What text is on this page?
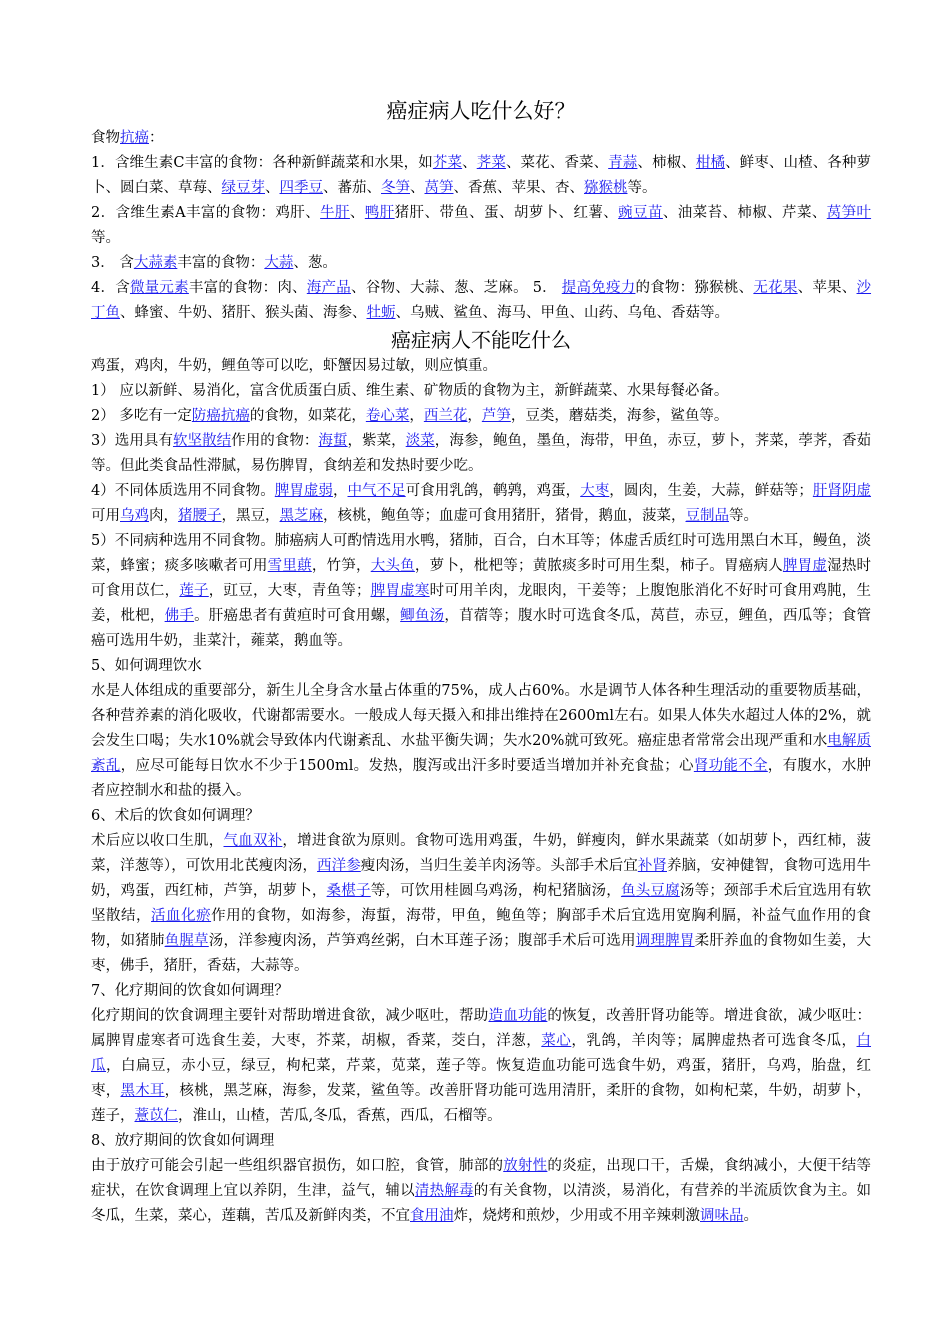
癌症病人吃什么好？

食物抗癌：

1．含维生素C丰富的食物：各种新鲜蔬菜和水果，如芥菜、荠菜、菜花、香菜、青蒜、柿椒、柑橘、鲜枣、山楂、各种萝卜、圆白菜、草莓、绿豆芽、四季豆、蕃茄、冬笋、莴笋、香蕉、苹果、杏、猕猴桃等。

2．含维生素A丰富的食物：鸡肝、牛肝、鸭肝猪肝、带鱼、蛋、胡萝卜、红薯、豌豆苗、油菜苔、柿椒、芹菜、莴笋叶等。

3． 含大蒜素丰富的食物：大蒜、葱。

4．含微量元素丰富的食物：肉、海产品、谷物、大蒜、葱、芝麻。 5． 提高免疫力的食物：猕猴桃、无花果、苹果、沙丁鱼、蜂蜜、牛奶、猪肝、猴头菌、海参、牡蛎、乌贼、鲨鱼、海马、甲鱼、山药、乌龟、香菇等。

癌症病人不能吃什么

鸡蛋，鸡肉，牛奶，鲤鱼等可以吃，虾蟹因易过敏，则应慎重。

1） 应以新鲜、易消化，富含优质蛋白质、维生素、矿物质的食物为主，新鲜蔬菜、水果每餐必备。

2） 多吃有一定防癌抗癌的食物，如菜花，卷心菜，西兰花，芦笋，豆类，蘑菇类，海参，鲨鱼等。

3）选用具有软坚散结作用的食物：海蜇，紫菜，淡菜，海参，鲍鱼，墨鱼，海带，甲鱼，赤豆，萝卜，荠菜，荸荠，香茹等。但此类食品性滞腻，易伤脾胃，食纳差和发热时要少吃。

4）不同体质选用不同食物。脾胃虚弱，中气不足可食用乳鸽，鹌鹑，鸡蛋，大枣，圆肉，生姜，大蒜，鲜菇等；肝肾阴虚可用乌鸡肉，猪腰子，黑豆，黑芝麻，核桃，鲍鱼等；血虚可食用猪肝，猪骨，鹅血，菠菜，豆制品等。

5）不同病种选用不同食物。肺癌病人可酌情选用水鸭，猪肺，百合，白木耳等；体虚舌质红时可选用黑白木耳，鳗鱼，淡菜，蜂蜜；痰多咳嗽者可用雪里蕻，竹笋，大头鱼，萝卜，枇杷等；黄脓痰多时可用生梨，柿子。胃癌病人脾胃虚湿热时可食用苡仁，莲子，豇豆，大枣，青鱼等；脾胃虚寒时可用羊肉，龙眼肉，干姜等；上腹饱胀消化不好时可食用鸡肫，生姜，枇杷，佛手。肝癌患者有黄疸时可食用螺，鲫鱼汤，苜蓿等；腹水时可选食冬瓜，莴苣，赤豆，鲤鱼，西瓜等；食管癌可选用牛奶，韭菜汁，蕹菜，鹅血等。

5、如何调理饮水

水是人体组成的重要部分，新生儿全身含水量占体重的75%，成人占60%。水是调节人体各种生理活动的重要物质基础，各种营养素的消化吸收，代谢都需要水。一般成人每天摄入和排出维持在2600ml左右。如果人体失水超过人体的2%，就会发生口喝；失水10%就会导致体内代谢紊乱、水盐平衡失调；失水20%就可致死。癌症患者常常会出现严重和水电解质紊乱，应尽可能每日饮水不少于1500ml。发热，腹泻或出汗多时要适当增加并补充食盐；心肾功能不全，有腹水，水肿者应控制水和盐的摄入。

6、术后的饮食如何调理？

术后应以收口生肌，气血双补，增进食欲为原则。食物可选用鸡蛋，牛奶，鲜瘦肉，鲜水果蔬菜（如胡萝卜，西红柿，菠菜，洋葱等），可饮用北芪瘦肉汤，西洋参瘦肉汤，当归生姜羊肉汤等。头部手术后宜补肾养脑，安神健智，食物可选用牛奶，鸡蛋，西红柿，芦笋，胡萝卜，桑椹子等，可饮用桂圆乌鸡汤，枸杞猪脑汤，鱼头豆腐汤等；颈部手术后宜选用有软坚散结，活血化瘀作用的食物，如海参，海蜇，海带，甲鱼，鲍鱼等；胸部手术后宜选用宽胸利膈，补益气血作用的食物，如猪肺鱼腥草汤，洋参瘦肉汤，芦笋鸡丝粥，白木耳莲子汤；腹部手术后可选用调理脾胃柔肝养血的食物如生姜，大枣，佛手，猪肝，香菇，大蒜等。

7、化疗期间的饮食如何调理？

化疗期间的饮食调理主要针对帮助增进食欲，减少呕吐，帮助造血功能的恢复，改善肝肾功能等。增进食欲，减少呕吐：属脾胃虚寒者可选食生姜，大枣，芥菜，胡椒，香菜，茭白，洋葱，菜心，乳鸽，羊肉等；属脾虚热者可选食冬瓜，白瓜，白扁豆，赤小豆，绿豆，枸杞菜，芹菜，苋菜，莲子等。恢复造血功能可选食牛奶，鸡蛋，猪肝，乌鸡，胎盘，红枣，黑木耳，核桃，黑芝麻，海参，发菜，鲨鱼等。改善肝肾功能可选用清肝，柔肝的食物，如枸杞菜，牛奶，胡萝卜，莲子，薏苡仁，淮山，山楂，苦瓜,冬瓜，香蕉，西瓜，石榴等。

8、放疗期间的饮食如何调理

由于放疗可能会引起一些组织器官损伤，如口腔，食管，肺部的放射性的炎症，出现口干，舌燥，食纳减小，大便干结等症状，在饮食调理上宜以养阴，生津，益气，辅以清热解毒的有关食物，以清淡，易消化，有营养的半流质饮食为主。如冬瓜，生菜，菜心，莲藕，苦瓜及新鲜肉类，不宜食用油炸，烧烤和煎炒，少用或不用辛辣刺激调味品。
